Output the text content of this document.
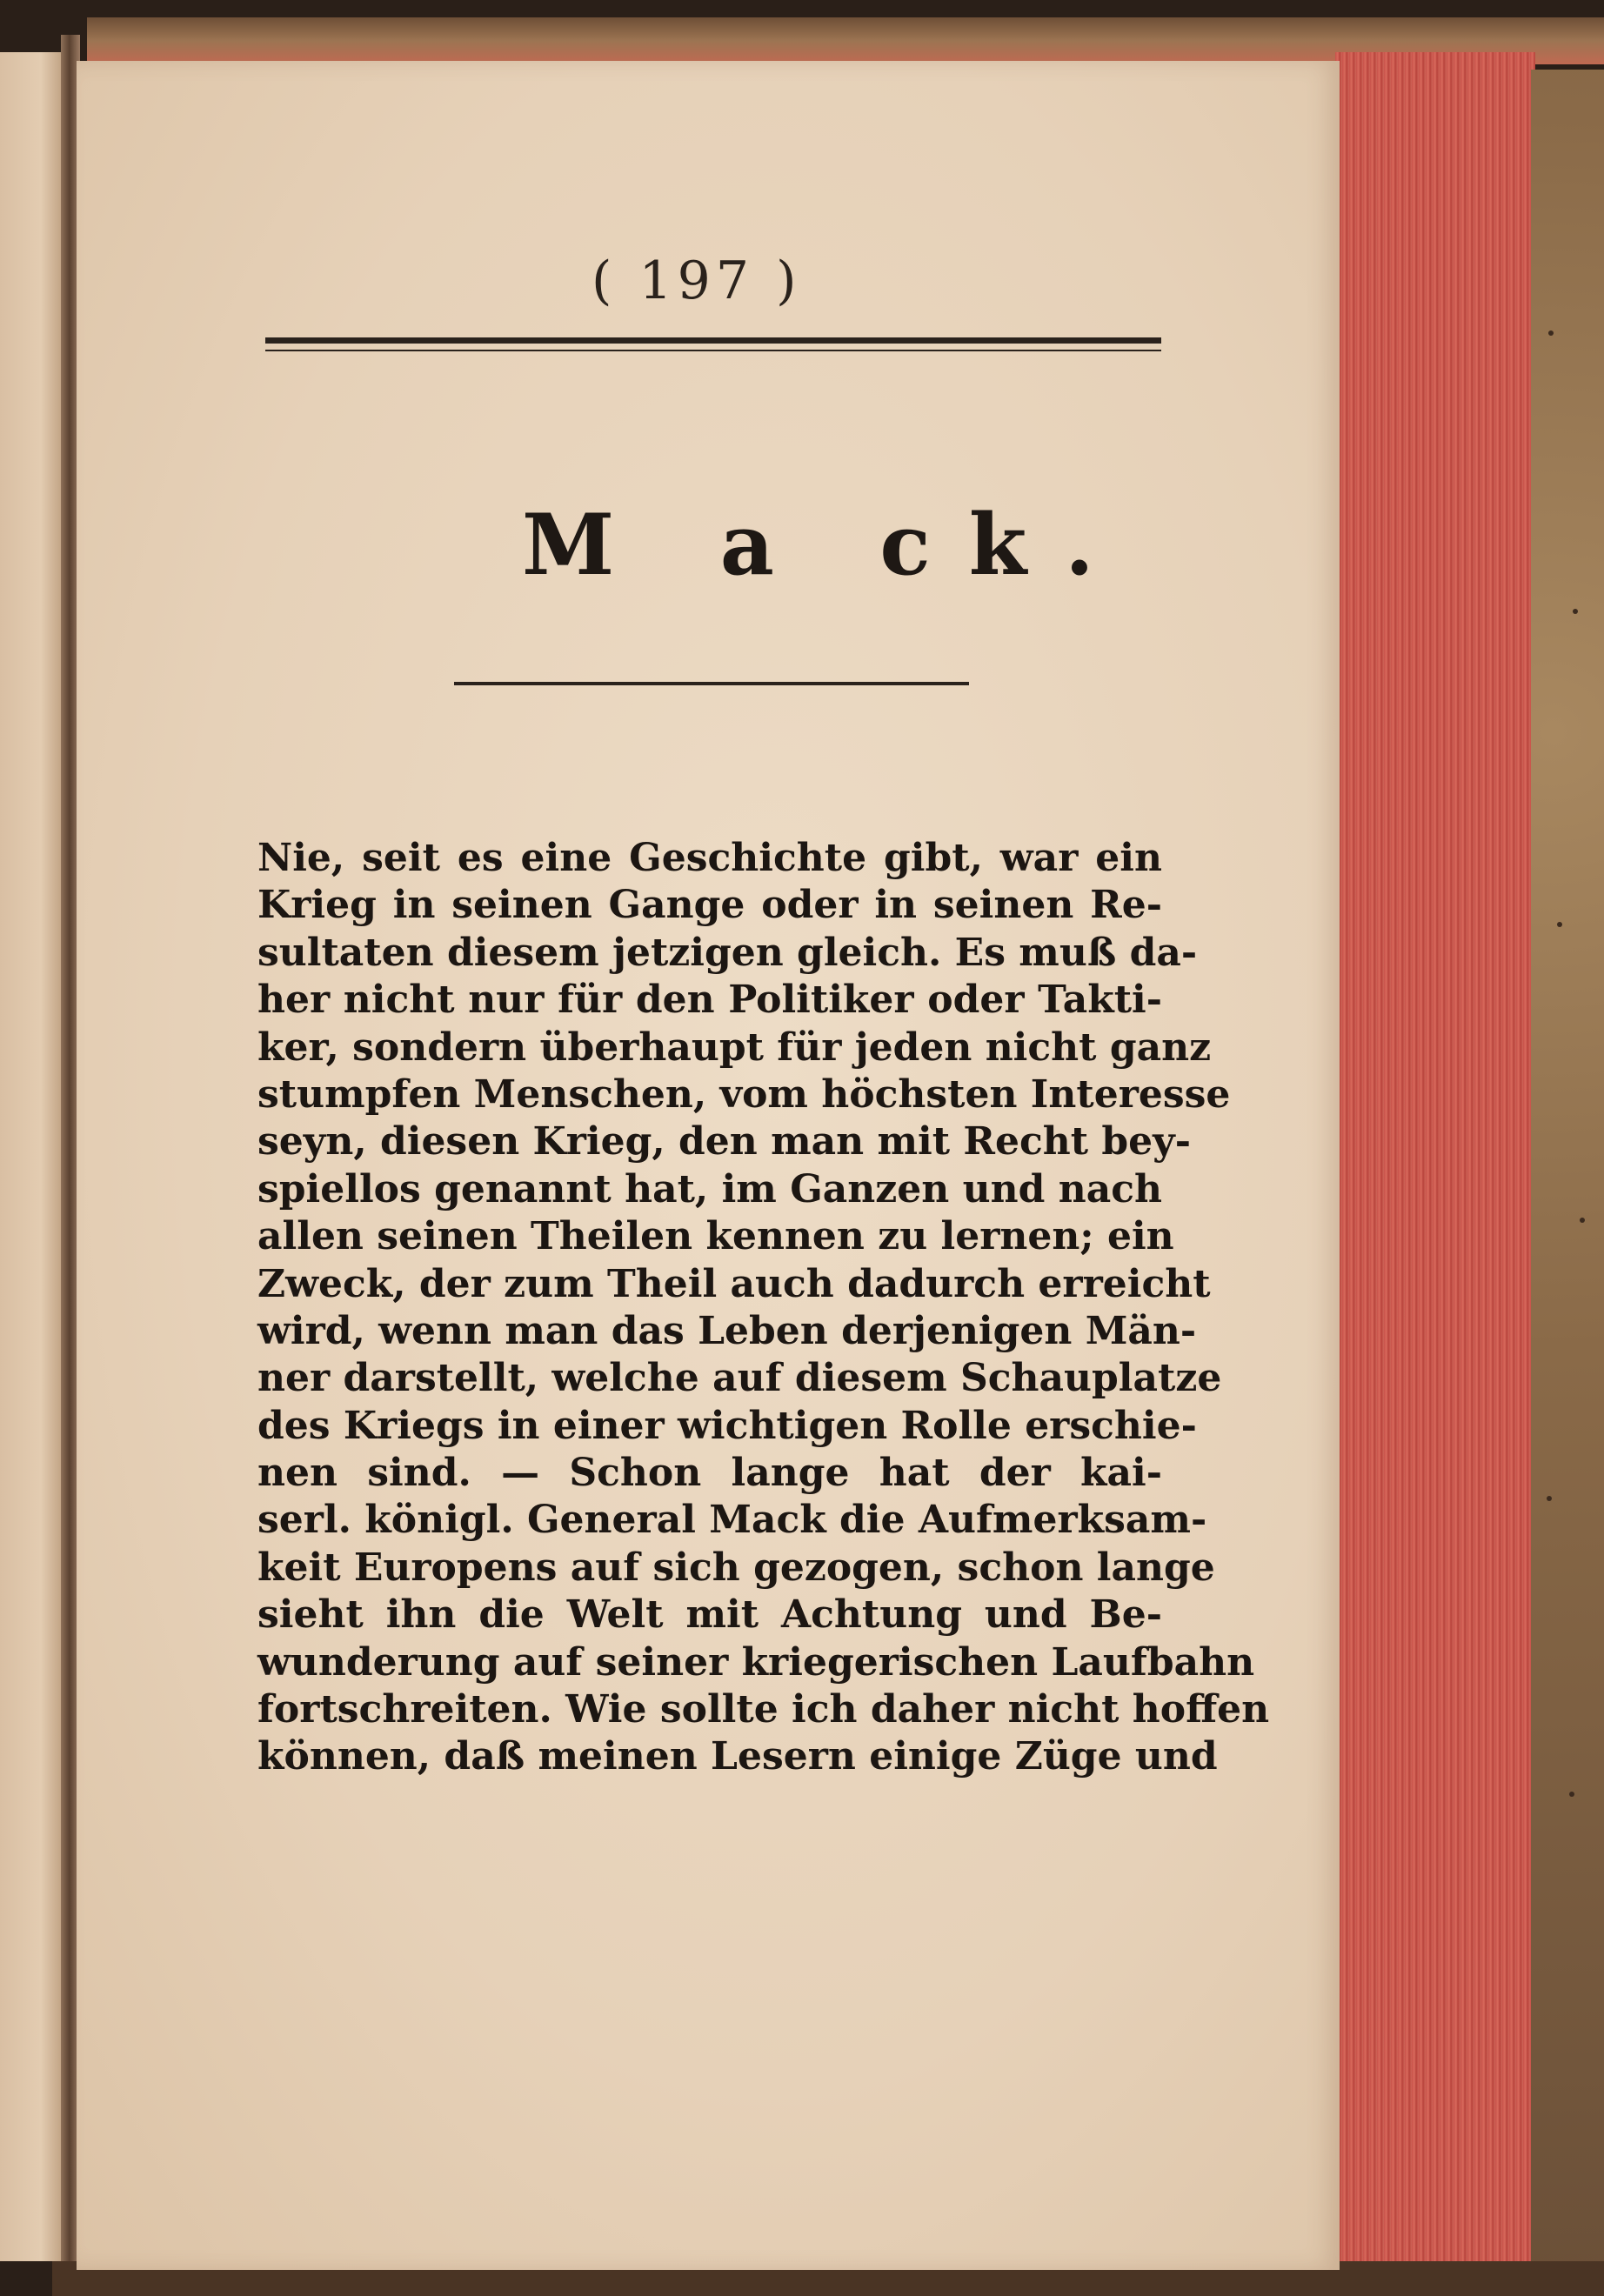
( 197 )
M a ck.
Nie, seit es eine Geschichte gibt, war ein
Krieg in seinen Gange oder in seinen Re-
sultaten diesem jetzigen gleich. Es muß da-
her nicht nur für den Politiker oder Takti-
ker, sondern überhaupt für jeden nicht ganz
stumpfen Menschen, vom höchsten Interesse
seyn, diesen Krieg, den man mit Recht bey-
spiellos genannt hat, im Ganzen und nach
allen seinen Theilen kennen zu lernen; ein
Zweck, der zum Theil auch dadurch erreicht
wird, wenn man das Leben derjenigen Män-
ner darstellt, welche auf diesem Schauplatze
des Kriegs in einer wichtigen Rolle erschie-
nen sind. — Schon lange hat der kai-
serl. königl. General Mack die Aufmerksam-
keit Europens auf sich gezogen, schon lange
sieht ihn die Welt mit Achtung und Be-
wunderung auf seiner kriegerischen Laufbahn
fortschreiten. Wie sollte ich daher nicht hoffen
können, daß meinen Lesern einige Züge und
